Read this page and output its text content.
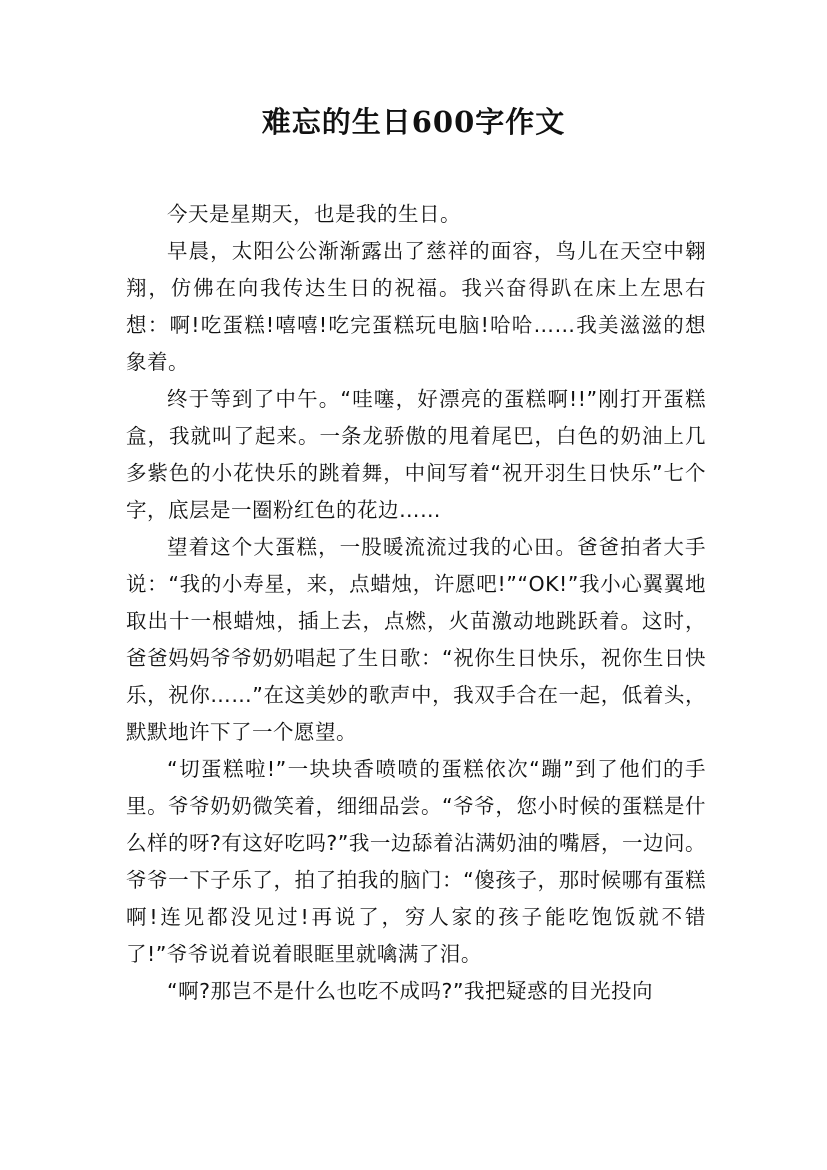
难忘的生日600字作文

今天是星期天，也是我的生日。

早晨，太阳公公渐渐露出了慈祥的面容，鸟儿在天空中翱翔，仿佛在向我传达生日的祝福。我兴奋得趴在床上左思右想：啊!吃蛋糕!嘻嘻!吃完蛋糕玩电脑!哈哈……我美滋滋的想象着。

终于等到了中午。“哇噻，好漂亮的蛋糕啊!!”刚打开蛋糕盒，我就叫了起来。一条龙骄傲的甩着尾巴，白色的奶油上几多紫色的小花快乐的跳着舞，中间写着“祝开羽生日快乐”七个字，底层是一圈粉红色的花边……

望着这个大蛋糕，一股暖流流过我的心田。爸爸拍者大手说：“我的小寿星，来，点蜡烛，许愿吧!”“OK!”我小心翼翼地取出十一根蜡烛，插上去，点燃，火苗激动地跳跃着。这时，爸爸妈妈爷爷奶奶唱起了生日歌：“祝你生日快乐，祝你生日快乐，祝你……”在这美妙的歌声中，我双手合在一起，低着头，默默地许下了一个愿望。

“切蛋糕啦!”一块块香喷喷的蛋糕依次“蹦”到了他们的手里。爷爷奶奶微笑着，细细品尝。“爷爷，您小时候的蛋糕是什么样的呀?有这好吃吗?”我一边舔着沾满奶油的嘴唇，一边问。爷爷一下子乐了，拍了拍我的脑门：“傻孩子，那时候哪有蛋糕啊!连见都没见过!再说了，穷人家的孩子能吃饱饭就不错了!”爷爷说着说着眼眶里就噙满了泪。

“啊?那岂不是什么也吃不成吗?”我把疑惑的目光投向
